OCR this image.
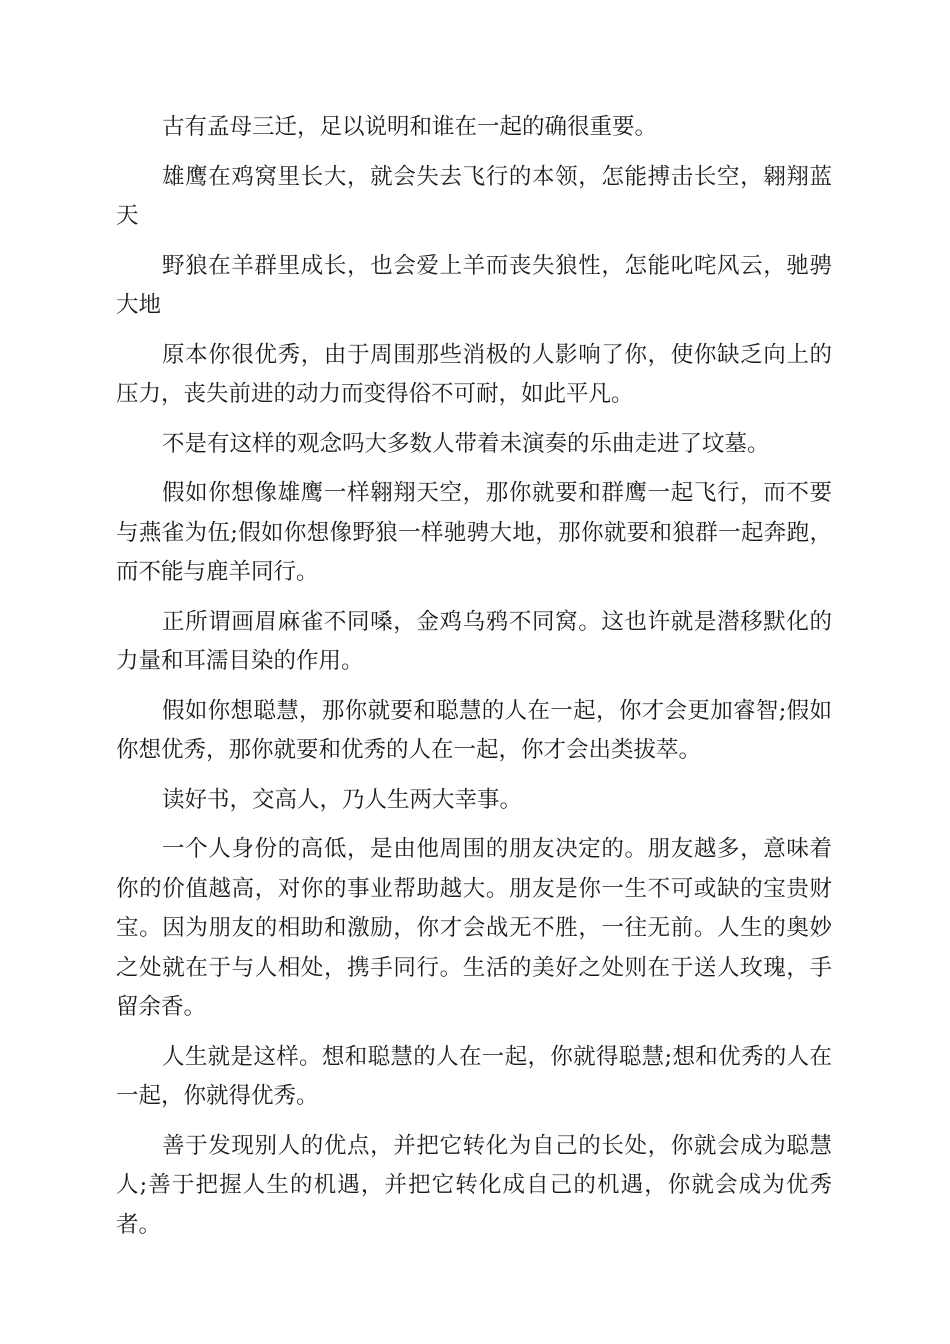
古有孟母三迁，足以说明和谁在一起的确很重要。

雄鹰在鸡窝里长大，就会失去飞行的本领，怎能搏击长空，翱翔蓝天

野狼在羊群里成长，也会爱上羊而丧失狼性，怎能叱咤风云，驰骋大地

原本你很优秀，由于周围那些消极的人影响了你，使你缺乏向上的压力，丧失前进的动力而变得俗不可耐，如此平凡。

不是有这样的观念吗大多数人带着未演奏的乐曲走进了坟墓。

假如你想像雄鹰一样翱翔天空，那你就要和群鹰一起飞行，而不要与燕雀为伍;假如你想像野狼一样驰骋大地，那你就要和狼群一起奔跑，而不能与鹿羊同行。

正所谓画眉麻雀不同嗓，金鸡乌鸦不同窝。这也许就是潜移默化的力量和耳濡目染的作用。

假如你想聪慧，那你就要和聪慧的人在一起，你才会更加睿智;假如你想优秀，那你就要和优秀的人在一起，你才会出类拔萃。

读好书，交高人，乃人生两大幸事。

一个人身份的高低，是由他周围的朋友决定的。朋友越多，意味着你的价值越高，对你的事业帮助越大。朋友是你一生不可或缺的宝贵财宝。因为朋友的相助和激励，你才会战无不胜，一往无前。人生的奥妙之处就在于与人相处，携手同行。生活的美好之处则在于送人玫瑰，手留余香。

人生就是这样。想和聪慧的人在一起，你就得聪慧;想和优秀的人在一起，你就得优秀。

善于发现别人的优点，并把它转化为自己的长处，你就会成为聪慧人;善于把握人生的机遇，并把它转化成自己的机遇，你就会成为优秀者。
